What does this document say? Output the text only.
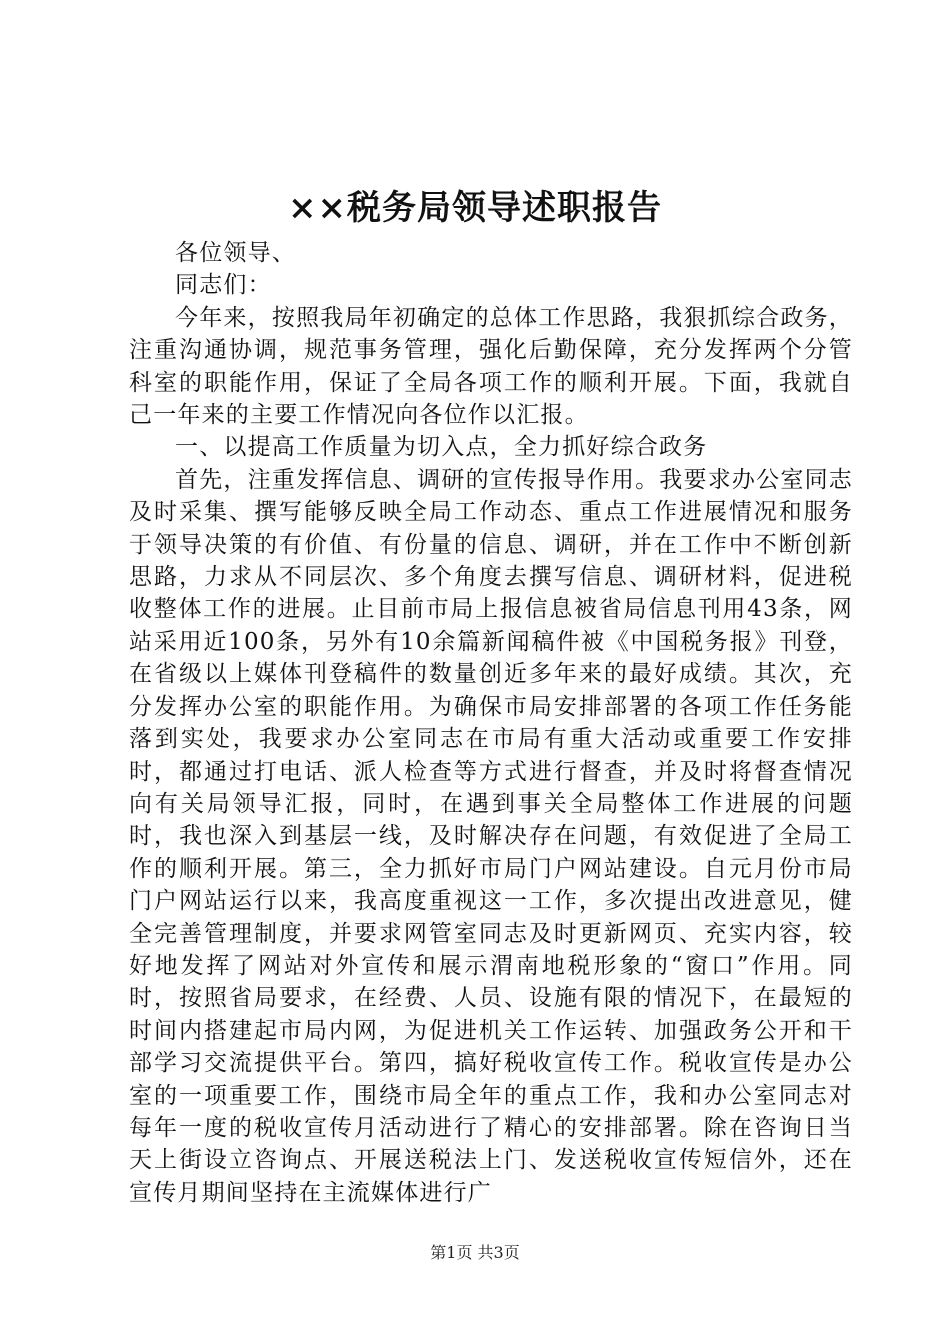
××税务局领导述职报告

各位领导、

同志们：

今年来，按照我局年初确定的总体工作思路，我狠抓综合政务，注重沟通协调，规范事务管理，强化后勤保障，充分发挥两个分管科室的职能作用，保证了全局各项工作的顺利开展。下面，我就自己一年来的主要工作情况向各位作以汇报。

一、以提高工作质量为切入点，全力抓好综合政务

首先，注重发挥信息、调研的宣传报导作用。我要求办公室同志及时采集、撰写能够反映全局工作动态、重点工作进展情况和服务于领导决策的有价值、有份量的信息、调研，并在工作中不断创新思路，力求从不同层次、多个角度去撰写信息、调研材料，促进税收整体工作的进展。止目前市局上报信息被省局信息刊用43条，网站采用近100条，另外有10余篇新闻稿件被《中国税务报》刊登，在省级以上媒体刊登稿件的数量创近多年来的最好成绩。其次，充分发挥办公室的职能作用。为确保市局安排部署的各项工作任务能落到实处，我要求办公室同志在市局有重大活动或重要工作安排时，都通过打电话、派人检查等方式进行督查，并及时将督查情况向有关局领导汇报，同时，在遇到事关全局整体工作进展的问题时，我也深入到基层一线，及时解决存在问题，有效促进了全局工作的顺利开展。第三，全力抓好市局门户网站建设。自元月份市局门户网站运行以来，我高度重视这一工作，多次提出改进意见，健全完善管理制度，并要求网管室同志及时更新网页、充实内容，较好地发挥了网站对外宣传和展示渭南地税形象的“窗口”作用。同时，按照省局要求，在经费、人员、设施有限的情况下，在最短的时间内搭建起市局内网，为促进机关工作运转、加强政务公开和干部学习交流提供平台。第四，搞好税收宣传工作。税收宣传是办公室的一项重要工作，围绕市局全年的重点工作，我和办公室同志对每年一度的税收宣传月活动进行了精心的安排部署。除在咨询日当天上街设立咨询点、开展送税法上门、发送税收宣传短信外，还在宣传月期间坚持在主流媒体进行广

第1页 共3页
